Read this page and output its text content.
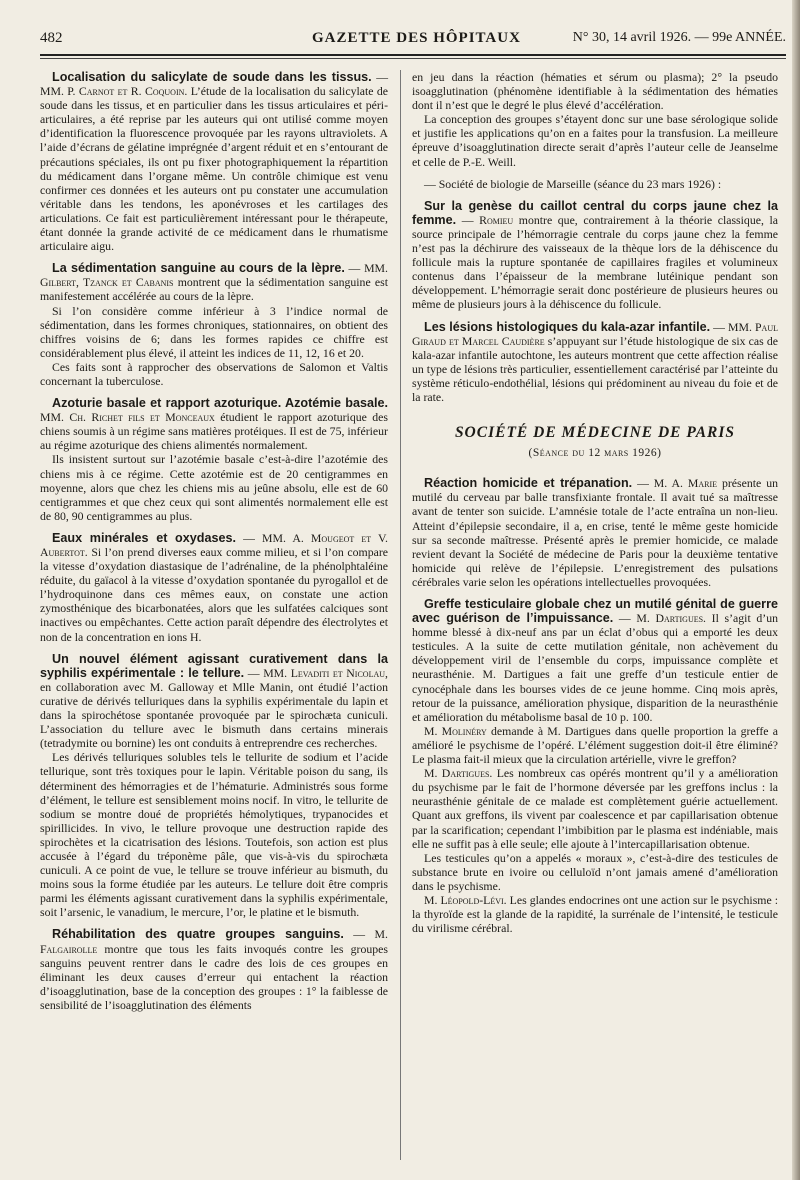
482	GAZETTE DES HÔPITAUX	N° 30, 14 avril 1926. — 99e ANNÉE.

Localisation du salicylate de soude dans les tissus. — MM. P. Carnot et R. Coquoin. L’étude de la localisation du salicylate de soude dans les tissus, et en particulier dans les tissus articulaires et péri-articulaires, a été reprise par les auteurs qui ont utilisé comme moyen d’identification la fluorescence provoquée par les rayons ultraviolets. A l’aide d’écrans de gélatine imprégnée d’argent réduit et en s’entourant de précautions spéciales, ils ont pu fixer photographiquement la répartition du médicament dans l’organe même. Un contrôle chimique est venu confirmer ces données et les auteurs ont pu constater une accumulation véritable dans les tendons, les aponévroses et les cartilages des articulations. Ce fait est particulièrement intéressant pour le thérapeute, étant donnée la grande activité de ce médicament dans le rhumatisme articulaire aigu.

La sédimentation sanguine au cours de la lèpre. — MM. Gilbert, Tzanck et Cabanis montrent que la sédimentation sanguine est manifestement accélérée au cours de la lèpre.

Si l’on considère comme inférieur à 3 l’indice normal de sédimentation, dans les formes chroniques, stationnaires, on obtient des chiffres voisins de 6; dans les formes rapides ce chiffre est considérablement plus élevé, il atteint les indices de 11, 12, 16 et 20.

Ces faits sont à rapprocher des observations de Salomon et Valtis concernant la tuberculose.

Azoturie basale et rapport azoturique. Azotémie basale. MM. Ch. Richet fils et Monceaux étudient le rapport azoturique des chiens soumis à un régime sans matières protéiques. Il est de 75, inférieur au régime azoturique des chiens alimentés normalement.

Ils insistent surtout sur l’azotémie basale c’est-à-dire l’azotémie des chiens mis à ce régime. Cette azotémie est de 20 centigrammes en moyenne, alors que chez les chiens mis au jeûne absolu, elle est de 60 centigrammes et que chez ceux qui sont alimentés normalement elle est de 80, 90 centigrammes au plus.

Eaux minérales et oxydases. — MM. A. Mougeot et V. Aubertot. Si l’on prend diverses eaux comme milieu, et si l’on compare la vitesse d’oxydation diastasique de l’adrénaline, de la phénolphtaléine réduite, du gaïacol à la vitesse d’oxydation spontanée du pyrogallol et de l’hydroquinone dans ces mêmes eaux, on constate une action zymosthénique des bicarbonatées, alors que les sulfatées calciques sont inactives ou empêchantes. Cette action paraît dépendre des électrolytes et non de la concentration en ions H.

Un nouvel élément agissant curativement dans la syphilis expérimentale : le tellure. — MM. Levaditi et Nicolau, en collaboration avec M. Galloway et Mlle Manin, ont étudié l’action curative de dérivés telluriques dans la syphilis expérimentale du lapin et dans la spirochétose spontanée provoquée par le spirochæta cuniculi. L’association du tellure avec le bismuth dans certains minerais (tetradymite ou bornine) les ont conduits à entreprendre ces recherches.

Les dérivés telluriques solubles tels le tellurite de sodium et l’acide tellurique, sont très toxiques pour le lapin. Véritable poison du sang, ils déterminent des hémorragies et de l’hématurie. Administrés sous forme d’élément, le tellure est sensiblement moins nocif. In vitro, le tellurite de sodium se montre doué de propriétés hémolytiques, trypanocides et spirillicides. In vivo, le tellure provoque une destruction rapide des spirochètes et la cicatrisation des lésions. Toutefois, son action est plus accusée à l’égard du tréponème pâle, que vis-à-vis du spirochæta cuniculi. A ce point de vue, le tellure se trouve inférieur au bismuth, du moins sous la forme étudiée par les auteurs. Le tellure doit être compris parmi les éléments agissant curativement dans la syphilis expérimentale, soit l’arsenic, le vanadium, le mercure, l’or, le platine et le bismuth.

Réhabilitation des quatre groupes sanguins. — M. Falgairolle montre que tous les faits invoqués contre les groupes sanguins peuvent rentrer dans le cadre des lois de ces groupes en éliminant les deux causes d’erreur qui entachent la réaction d’isoagglutination, base de la conception des groupes : 1° la faiblesse de sensibilité de l’isoagglutination des éléments

en jeu dans la réaction (hématies et sérum ou plasma); 2° la pseudo isoagglutination (phénomène identifiable à la sédimentation des hématies dont il n’est que le degré le plus élevé d’accélération.

La conception des groupes s’étayent donc sur une base sérologique solide et justifie les applications qu’on en a faites pour la transfusion. La meilleure épreuve d’isoagglutination directe serait d’après l’auteur celle de Jeanselme et celle de P.-E. Weill.

— Société de biologie de Marseille (séance du 23 mars 1926) :

Sur la genèse du caillot central du corps jaune chez la femme. — Romieu montre que, contrairement à la théorie classique, la source principale de l’hémorragie centrale du corps jaune chez la femme n’est pas la déchirure des vaisseaux de la thèque lors de la déhiscence du follicule mais la rupture spontanée de capillaires fragiles et volumineux contenus dans l’épaisseur de la membrane lutéinique pendant son développement. L’hémorragie serait donc postérieure de plusieurs heures ou même de plusieurs jours à la déhiscence du follicule.

Les lésions histologiques du kala-azar infantile. — MM. Paul Giraud et Marcel Caudière s’appuyant sur l’étude histologique de six cas de kala-azar infantile autochtone, les auteurs montrent que cette affection réalise un type de lésions très particulier, essentiellement caractérisé par l’atteinte du système réticulo-endothélial, lésions qui prédominent au niveau du foie et de la rate.

SOCIÉTÉ DE MÉDECINE DE PARIS
(Séance du 12 mars 1926)

Réaction homicide et trépanation. — M. A. Marie présente un mutilé du cerveau par balle transfixiante frontale. Il avait tué sa maîtresse avant de tenter son suicide. L’amnésie totale de l’acte entraîna un non-lieu. Atteint d’épilepsie secondaire, il a, en crise, tenté le même geste homicide sur sa seconde maîtresse. Présenté après le premier homicide, ce malade revient devant la Société de médecine de Paris pour la deuxième tentative homicide qui relève de l’épilepsie. L’enregistrement des pulsations cérébrales varie selon les opérations intellectuelles provoquées.

Greffe testiculaire globale chez un mutilé génital de guerre avec guérison de l’impuissance. — M. Dartigues. Il s’agit d’un homme blessé à dix-neuf ans par un éclat d’obus qui a emporté les deux testicules. A la suite de cette mutilation génitale, non achèvement du développement viril de l’ensemble du corps, impuissance complète et neurasthénie. M. Dartigues a fait une greffe d’un testicule entier de cynocéphale dans les bourses vides de ce jeune homme. Cinq mois après, retour de la puissance, amélioration physique, disparition de la neurasthénie et amélioration du métabolisme basal de 10 p. 100.

M. Molinéry demande à M. Dartigues dans quelle proportion la greffe a amélioré le psychisme de l’opéré. L’élément suggestion doit-il être éliminé? Le plasma fait-il mieux que la circulation artérielle, vivre le greffon?

M. Dartigues. Les nombreux cas opérés montrent qu’il y a amélioration du psychisme par le fait de l’hormone déversée par les greffons inclus : la neurasthénie génitale de ce malade est complètement guérie actuellement. Quant aux greffons, ils vivent par coalescence et par capillarisation obtenue par la scarification; cependant l’imbibition par le plasma est indéniable, mais elle ne suffit pas à elle seule; elle ajoute à l’intercapillarisation obtenue.

Les testicules qu’on a appelés « moraux », c’est-à-dire des testicules de substance brute en ivoire ou celluloïd n’ont jamais amené d’amélioration dans le psychisme.

M. Léopold-Lévi. Les glandes endocrines ont une action sur le psychisme : la thyroïde est la glande de la rapidité, la surrénale de l’intensité, le testicule du virilisme cérébral.
